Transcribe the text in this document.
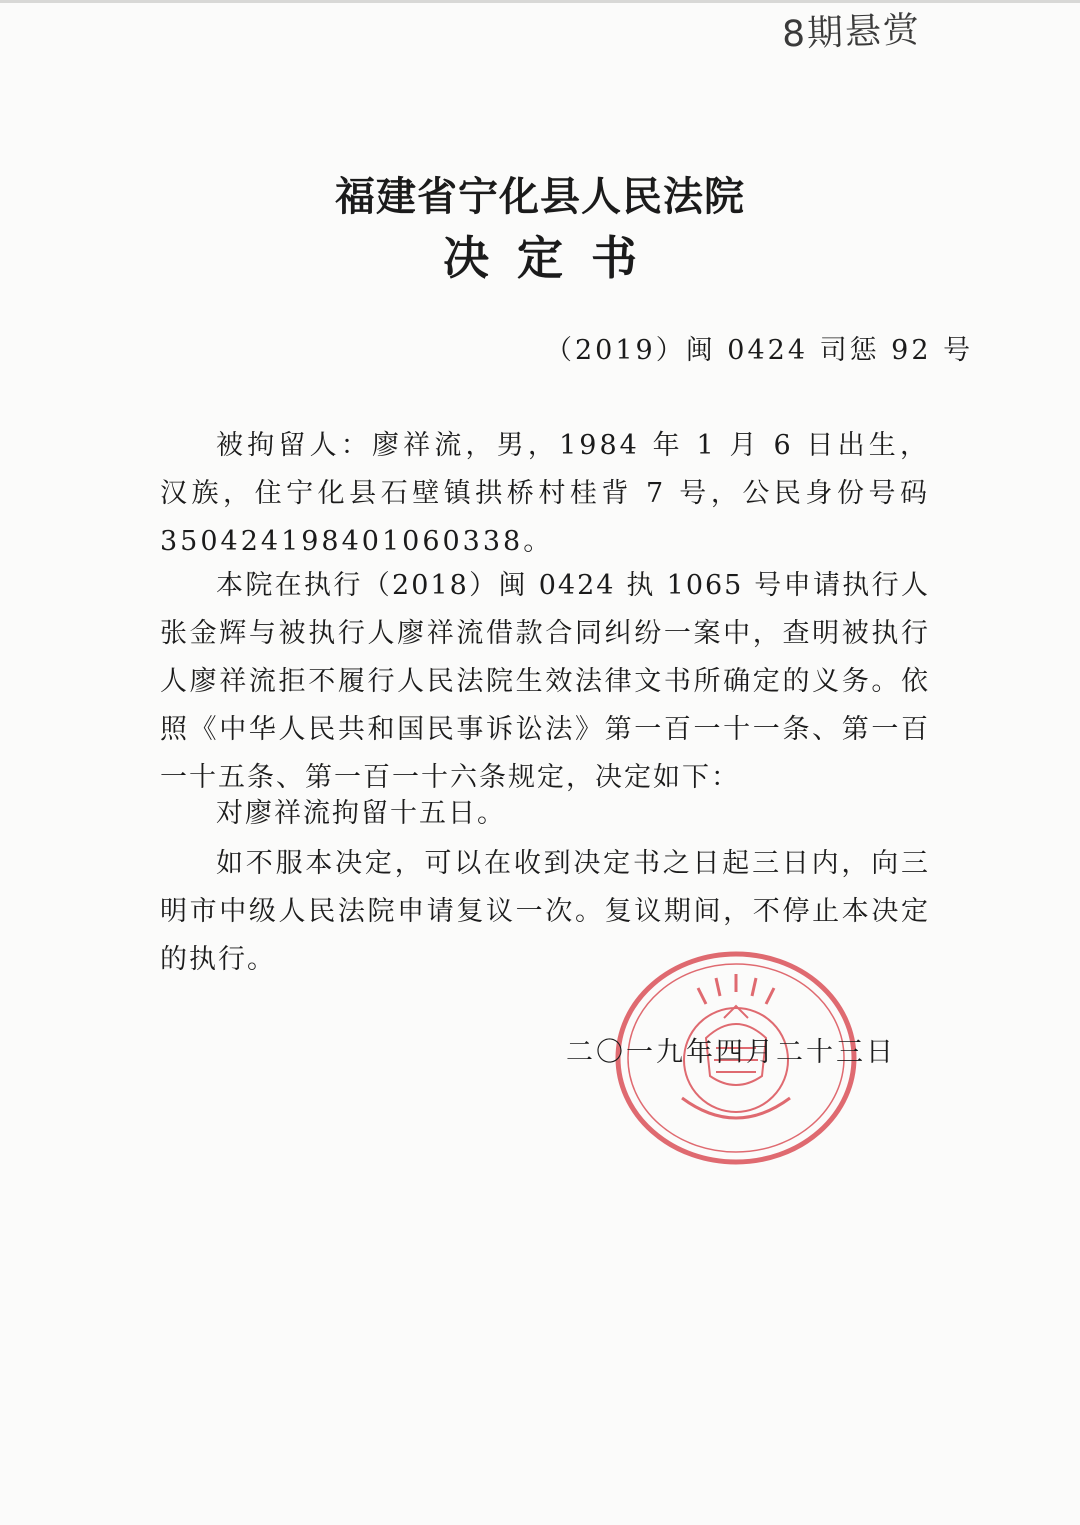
8期悬赏
福建省宁化县人民法院
决定书
（2019）闽 0424 司惩 92 号
被拘留人：廖祥流，男，1984 年 1 月 6 日出生，汉族，住宁化县石壁镇拱桥村桂背 7 号，公民身份号码 350424198401060338。
本院在执行（2018）闽 0424 执 1065 号申请执行人张金辉与被执行人廖祥流借款合同纠纷一案中，查明被执行人廖祥流拒不履行人民法院生效法律文书所确定的义务。依照《中华人民共和国民事诉讼法》第一百一十一条、第一百一十五条、第一百一十六条规定，决定如下：
对廖祥流拘留十五日。
如不服本决定，可以在收到决定书之日起三日内，向三明市中级人民法院申请复议一次。复议期间，不停止本决定的执行。
二〇一九年四月二十三日
